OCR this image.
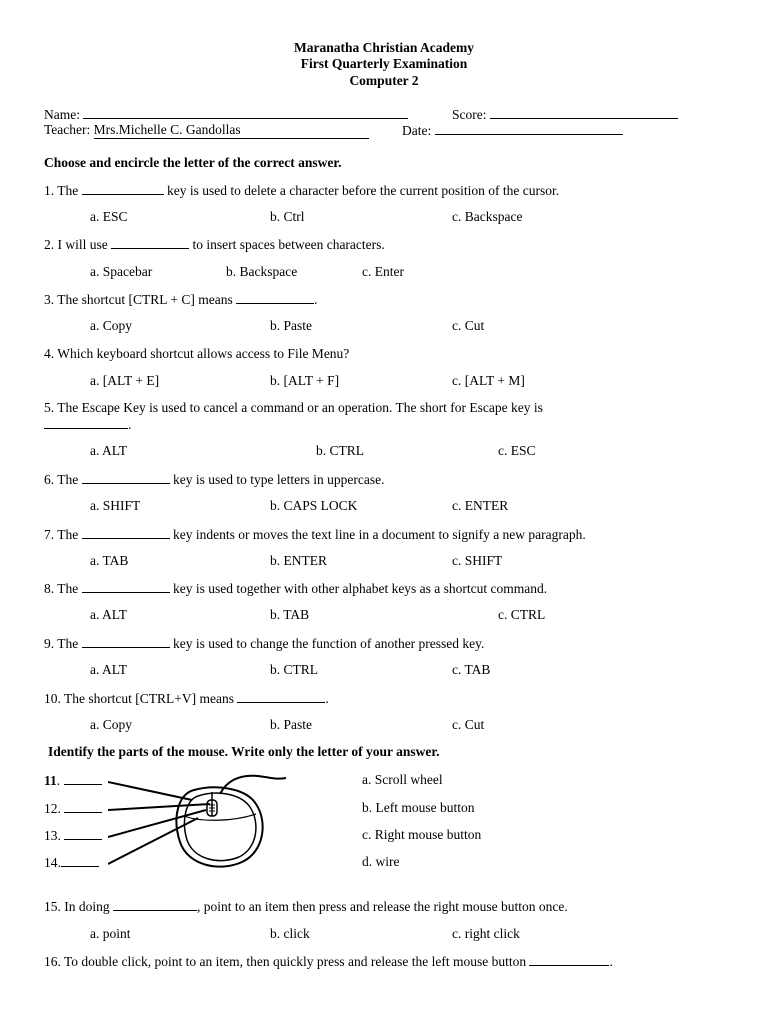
Maranatha Christian Academy
First Quarterly Examination
Computer 2
Name:	Score:
Teacher: Mrs.Michelle C. Gandollas	Date:
Choose and encircle the letter of the correct answer.
1. The	key is used to delete a character before the current position of the cursor.
a. ESC	b. Ctrl	c. Backspace
2. I will use	to insert spaces between characters.
a. Spacebar	b. Backspace	c. Enter
3. The shortcut [CTRL + C] means	.
a. Copy	b. Paste	c. Cut
4. Which keyboard shortcut allows access to File Menu?
a. [ALT + E]	b. [ALT + F]	c. [ALT + M]
5. The Escape Key is used to cancel a command or an operation. The short for Escape key is
.
a. ALT	b. CTRL	c. ESC
6. The	key is used to type letters in uppercase.
a. SHIFT	b. CAPS LOCK	c. ENTER
7. The	key indents or moves the text line in a document to signify a new paragraph.
a. TAB	b. ENTER	c. SHIFT
8. The	key is used together with other alphabet keys as a shortcut command.
a. ALT	b. TAB	c. CTRL
9. The	key is used to change the function of another pressed key.
a. ALT	b. CTRL	c. TAB
10. The shortcut [CTRL+V] means	.
a. Copy	b. Paste	c. Cut
Identify the parts of the mouse. Write only the letter of your answer.
11.
12.
13.
14.
a. Scroll wheel
b. Left mouse button
c. Right mouse button
d. wire
15. In doing	, point to an item then press and release the right mouse button once.
a. point	b. click	c. right click
16. To double click, point to an item, then quickly press and release the left mouse button	.
